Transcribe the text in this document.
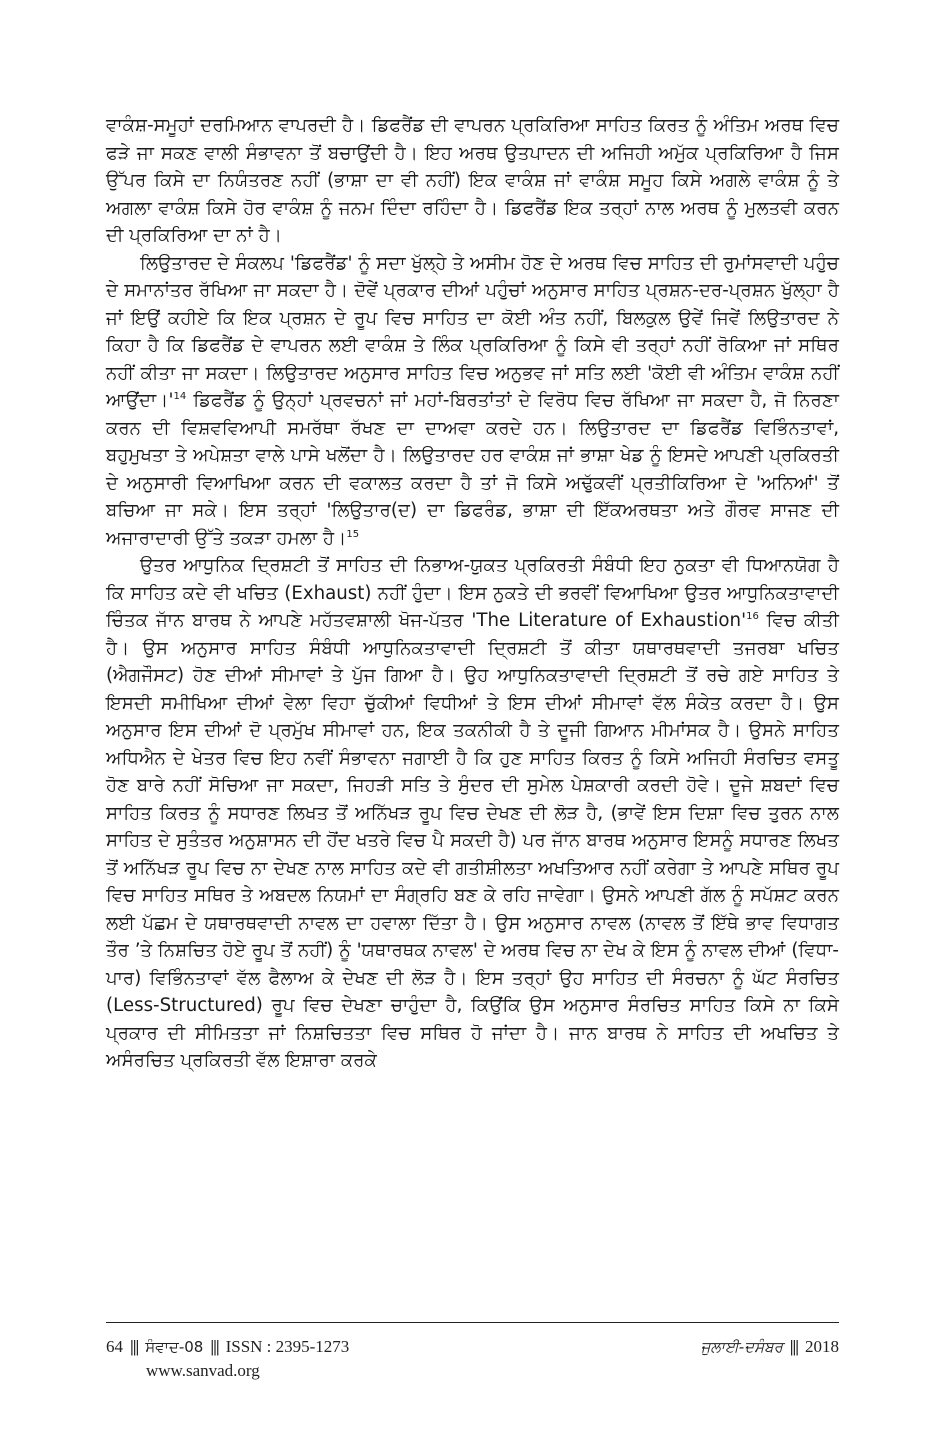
ਵਾਕੰਸ਼-ਸਮੂਹਾਂ ਦਰਮਿਆਨ ਵਾਪਰਦੀ ਹੈ। ਡਿਫਰੈਂਡ ਦੀ ਵਾਪਰਨ ਪ੍ਰਕਿਰਿਆ ਸਾਹਿਤ ਕਿਰਤ ਨੂੰ ਅੰਤਿਮ ਅਰਥ ਵਿਚ ਫੜੇ ਜਾ ਸਕਣ ਵਾਲੀ ਸੰਭਾਵਨਾ ਤੋਂ ਬਚਾਉਂਦੀ ਹੈ। ਇਹ ਅਰਥ ਉਤਪਾਦਨ ਦੀ ਅਜਿਹੀ ਅਮੁੱਕ ਪ੍ਰਕਿਰਿਆ ਹੈ ਜਿਸ ਉੱਪਰ ਕਿਸੇ ਦਾ ਨਿਯੰਤਰਣ ਨਹੀਂ (ਭਾਸ਼ਾ ਦਾ ਵੀ ਨਹੀਂ) ਇਕ ਵਾਕੰਸ਼ ਜਾਂ ਵਾਕੰਸ਼ ਸਮੂਹ ਕਿਸੇ ਅਗਲੇ ਵਾਕੰਸ਼ ਨੂੰ ਤੇ ਅਗਲਾ ਵਾਕੰਸ਼ ਕਿਸੇ ਹੋਰ ਵਾਕੰਸ਼ ਨੂੰ ਜਨਮ ਦਿੰਦਾ ਰਹਿੰਦਾ ਹੈ। ਡਿਫਰੈਂਡ ਇਕ ਤਰ੍ਹਾਂ ਨਾਲ ਅਰਥ ਨੂੰ ਮੁਲਤਵੀ ਕਰਨ ਦੀ ਪ੍ਰਕਿਰਿਆ ਦਾ ਨਾਂ ਹੈ।

ਲਿਉਤਾਰਦ ਦੇ ਸੰਕਲਪ 'ਡਿਫਰੈਂਡ' ਨੂੰ ਸਦਾ ਖੁੱਲ੍ਹੇ ਤੇ ਅਸੀਮ ਹੋਣ ਦੇ ਅਰਥ ਵਿਚ ਸਾਹਿਤ ਦੀ ਰੁਮਾਂਸਵਾਦੀ ਪਹੁੰਚ ਦੇ ਸਮਾਨਾਂਤਰ ਰੱਖਿਆ ਜਾ ਸਕਦਾ ਹੈ। ਦੋਵੇਂ ਪ੍ਰਕਾਰ ਦੀਆਂ ਪਹੁੰਚਾਂ ਅਨੁਸਾਰ ਸਾਹਿਤ ਪ੍ਰਸ਼ਨ-ਦਰ-ਪ੍ਰਸ਼ਨ ਖੁੱਲ੍ਹਾ ਹੈ ਜਾਂ ਇਉਂ ਕਹੀਏ ਕਿ ਇਕ ਪ੍ਰਸ਼ਨ ਦੇ ਰੂਪ ਵਿਚ ਸਾਹਿਤ ਦਾ ਕੋਈ ਅੰਤ ਨਹੀਂ, ਬਿਲਕੁਲ ਉਵੇਂ ਜਿਵੇਂ ਲਿਉਤਾਰਦ ਨੇ ਕਿਹਾ ਹੈ ਕਿ ਡਿਫਰੈਂਡ ਦੇ ਵਾਪਰਨ ਲਈ ਵਾਕੰਸ਼ ਤੇ ਲਿੰਕ ਪ੍ਰਕਿਰਿਆ ਨੂੰ ਕਿਸੇ ਵੀ ਤਰ੍ਹਾਂ ਨਹੀਂ ਰੋਕਿਆ ਜਾਂ ਸਥਿਰ ਨਹੀਂ ਕੀਤਾ ਜਾ ਸਕਦਾ। ਲਿਉਤਾਰਦ ਅਨੁਸਾਰ ਸਾਹਿਤ ਵਿਚ ਅਨੁਭਵ ਜਾਂ ਸਤਿ ਲਈ 'ਕੋਈ ਵੀ ਅੰਤਿਮ ਵਾਕੰਸ਼ ਨਹੀਂ $ਆਉਂਦਾ।'^{14}$ ਡਿਫਰੈਂਡ ਨੂੰ ਉਨ੍ਹਾਂ ਪ੍ਰਵਚਨਾਂ ਜਾਂ ਮਹਾਂ-ਬਿਰਤਾਂਤਾਂ ਦੇ ਵਿਰੋਧ ਵਿਚ ਰੱਖਿਆ ਜਾ ਸਕਦਾ ਹੈ, ਜੋ ਨਿਰਣਾ ਕਰਨ ਦੀ ਵਿਸ਼ਵਵਿਆਪੀ ਸਮਰੱਥਾ ਰੱਖਣ ਦਾ ਦਾਅਵਾ ਕਰਦੇ ਹਨ। ਲਿਉਤਾਰਦ ਦਾ ਡਿਫਰੈਂਡ ਵਿਭਿੰਨਤਾਵਾਂ, ਬਹੁਮੁਖਤਾ ਤੇ ਅਪੇਸ਼ਤਾ ਵਾਲੇ ਪਾਸੇ ਖਲੋਂਦਾ ਹੈ। ਲਿਉਤਾਰਦ ਹਰ ਵਾਕੰਸ਼ ਜਾਂ ਭਾਸ਼ਾ ਖੇਡ ਨੂੰ ਇਸਦੇ ਆਪਣੀ ਪ੍ਰਕਿਰਤੀ ਦੇ ਅਨੁਸਾਰੀ ਵਿਆਖਿਆ ਕਰਨ ਦੀ ਵਕਾਲਤ ਕਰਦਾ ਹੈ ਤਾਂ ਜੋ ਕਿਸੇ ਅਢੁੱਕਵੀਂ ਪ੍ਰਤੀਕਿਰਿਆ ਦੇ 'ਅਨਿਆਂ' ਤੋਂ ਬਚਿਆ ਜਾ ਸਕੇ। ਇਸ ਤਰ੍ਹਾਂ 'ਲਿਉਤਾਰ(ਦ) ਦਾ ਡਿਫਰੰਡ, ਭਾਸ਼ਾ ਦੀ ਇੱਕਅਰਥਤਾ ਅਤੇ ਗੌਰਵ ਸਾਜਣ ਦੀ ਅਜਾਰਾਦਾਰੀ ਉੱਤੇ ਤਕੜਾ ਹਮਲਾ ਹੈ।$^{15}$

ਉਤਰ ਆਧੁਨਿਕ ਦ੍ਰਿਸ਼ਟੀ ਤੋਂ ਸਾਹਿਤ ਦੀ ਨਿਭਾਅ-ਯੁਕਤ ਪ੍ਰਕਿਰਤੀ ਸੰਬੰਧੀ ਇਹ ਨੁਕਤਾ ਵੀ ਧਿਆਨਯੋਗ ਹੈ ਕਿ ਸਾਹਿਤ ਕਦੇ ਵੀ ਖਚਿਤ (Exhaust) ਨਹੀਂ ਹੁੰਦਾ। ਇਸ ਨੁਕਤੇ ਦੀ ਭਰਵੀਂ ਵਿਆਖਿਆ ਉਤਰ ਆਧੁਨਿਕਤਾਵਾਦੀ ਚਿੰਤਕ ਜਾੱਨ ਬਾਰਥ ਨੇ ਆਪਣੇ ਮਹੱਤਵਸ਼ਾਲੀ ਖੋਜ-ਪੱਤਰ 'The Literature of $Exhaustion'^{16}$ ਵਿਚ ਕੀਤੀ ਹੈ। ਉਸ ਅਨੁਸਾਰ ਸਾਹਿਤ ਸੰਬੰਧੀ ਆਧੁਨਿਕਤਾਵਾਦੀ ਦ੍ਰਿਸ਼ਟੀ ਤੋਂ ਕੀਤਾ ਯਥਾਰਥਵਾਦੀ ਤਜਰਬਾ ਖਚਿਤ (ਐਗਜੌਸਟ) ਹੋਣ ਦੀਆਂ ਸੀਮਾਵਾਂ ਤੇ ਪੁੱਜ ਗਿਆ ਹੈ। ਉਹ ਆਧੁਨਿਕਤਾਵਾਦੀ ਦ੍ਰਿਸ਼ਟੀ ਤੋਂ ਰਚੇ ਗਏ ਸਾਹਿਤ ਤੇ ਇਸਦੀ ਸਮੀਖਿਆ ਦੀਆਂ ਵੇਲਾ ਵਿਹਾ ਚੁੱਕੀਆਂ ਵਿਧੀਆਂ ਤੇ ਇਸ ਦੀਆਂ ਸੀਮਾਵਾਂ ਵੱਲ ਸੰਕੇਤ ਕਰਦਾ ਹੈ। ਉਸ ਅਨੁਸਾਰ ਇਸ ਦੀਆਂ ਦੋ ਪ੍ਰਮੁੱਖ ਸੀਮਾਵਾਂ ਹਨ, ਇਕ ਤਕਨੀਕੀ ਹੈ ਤੇ ਦੂਜੀ ਗਿਆਨ ਮੀਮਾਂਸਕ ਹੈ। ਉਸਨੇ ਸਾਹਿਤ ਅਧਿਐਨ ਦੇ ਖੇਤਰ ਵਿਚ ਇਹ ਨਵੀਂ ਸੰਭਾਵਨਾ ਜਗਾਈ ਹੈ ਕਿ ਹੁਣ ਸਾਹਿਤ ਕਿਰਤ ਨੂੰ ਕਿਸੇ ਅਜਿਹੀ ਸੰਰਚਿਤ ਵਸਤੂ ਹੋਣ ਬਾਰੇ ਨਹੀਂ ਸੋਚਿਆ ਜਾ ਸਕਦਾ, ਜਿਹੜੀ ਸਤਿ ਤੇ ਸੁੰਦਰ ਦੀ ਸੁਮੇਲ ਪੇਸ਼ਕਾਰੀ ਕਰਦੀ ਹੋਵੇ। ਦੂਜੇ ਸ਼ਬਦਾਂ ਵਿਚ ਸਾਹਿਤ ਕਿਰਤ ਨੂੰ ਸਧਾਰਣ ਲਿਖਤ ਤੋਂ ਅਨਿੱਖੜ ਰੂਪ ਵਿਚ ਦੇਖਣ ਦੀ ਲੋੜ ਹੈ, (ਭਾਵੇਂ ਇਸ ਦਿਸ਼ਾ ਵਿਚ ਤੁਰਨ ਨਾਲ ਸਾਹਿਤ ਦੇ ਸੁਤੰਤਰ ਅਨੁਸ਼ਾਸਨ ਦੀ ਹੋਂਦ ਖਤਰੇ ਵਿਚ ਪੈ ਸਕਦੀ ਹੈ) ਪਰ ਜਾੱਨ ਬਾਰਥ ਅਨੁਸਾਰ ਇਸਨੂੰ ਸਧਾਰਣ ਲਿਖਤ ਤੋਂ ਅਨਿੱਖੜ ਰੂਪ ਵਿਚ ਨਾ ਦੇਖਣ ਨਾਲ ਸਾਹਿਤ ਕਦੇ ਵੀ ਗਤੀਸ਼ੀਲਤਾ ਅਖਤਿਆਰ ਨਹੀਂ ਕਰੇਗਾ ਤੇ ਆਪਣੇ ਸਥਿਰ ਰੂਪ ਵਿਚ ਸਾਹਿਤ ਸਥਿਰ ਤੇ ਅਬਦਲ ਨਿਯਮਾਂ ਦਾ ਸੰਗ੍ਰਹਿ ਬਣ ਕੇ ਰਹਿ ਜਾਵੇਗਾ। ਉਸਨੇ ਆਪਣੀ ਗੱਲ ਨੂੰ ਸਪੱਸ਼ਟ ਕਰਨ ਲਈ ਪੱਛਮ ਦੇ ਯਥਾਰਥਵਾਦੀ ਨਾਵਲ ਦਾ ਹਵਾਲਾ ਦਿੱਤਾ ਹੈ। ਉਸ ਅਨੁਸਾਰ ਨਾਵਲ (ਨਾਵਲ ਤੋਂ ਇੱਥੇ ਭਾਵ ਵਿਧਾਗਤ ਤੌਰ ’ਤੇ ਨਿਸ਼ਚਿਤ ਹੋਏ ਰੂਪ ਤੋਂ ਨਹੀਂ) ਨੂੰ 'ਯਥਾਰਥਕ ਨਾਵਲ' ਦੇ ਅਰਥ ਵਿਚ ਨਾ ਦੇਖ ਕੇ ਇਸ ਨੂੰ ਨਾਵਲ ਦੀਆਂ (ਵਿਧਾ-ਪਾਰ) ਵਿਭਿੰਨਤਾਵਾਂ ਵੱਲ ਫੈਲਾਅ ਕੇ ਦੇਖਣ ਦੀ ਲੋੜ ਹੈ। ਇਸ ਤਰ੍ਹਾਂ ਉਹ ਸਾਹਿਤ ਦੀ ਸੰਰਚਨਾ ਨੂੰ ਘੱਟ ਸੰਰਚਿਤ (Less-Structured) ਰੂਪ ਵਿਚ ਦੇਖਣਾ ਚਾਹੁੰਦਾ ਹੈ, ਕਿਉਂਕਿ ਉਸ ਅਨੁਸਾਰ ਸੰਰਚਿਤ ਸਾਹਿਤ ਕਿਸੇ ਨਾ ਕਿਸੇ ਪ੍ਰਕਾਰ ਦੀ ਸੀਮਿਤਤਾ ਜਾਂ ਨਿਸ਼ਚਿਤਤਾ ਵਿਚ ਸਥਿਰ ਹੋ ਜਾਂਦਾ ਹੈ। ਜਾਨ ਬਾਰਥ ਨੇ ਸਾਹਿਤ ਦੀ ਅਖਚਿਤ ਤੇ ਅਸੰਰਚਿਤ ਪ੍ਰਕਿਰਤੀ ਵੱਲ ਇਸ਼ਾਰਾ ਕਰਕੇ

64 ||| ਸੰਵਾਦ-08 ||| ISSN : 2395-1273	ਜੁਲਾਈ-ਦਸੰਬਰ ||| 2018
www.sanvad.org
